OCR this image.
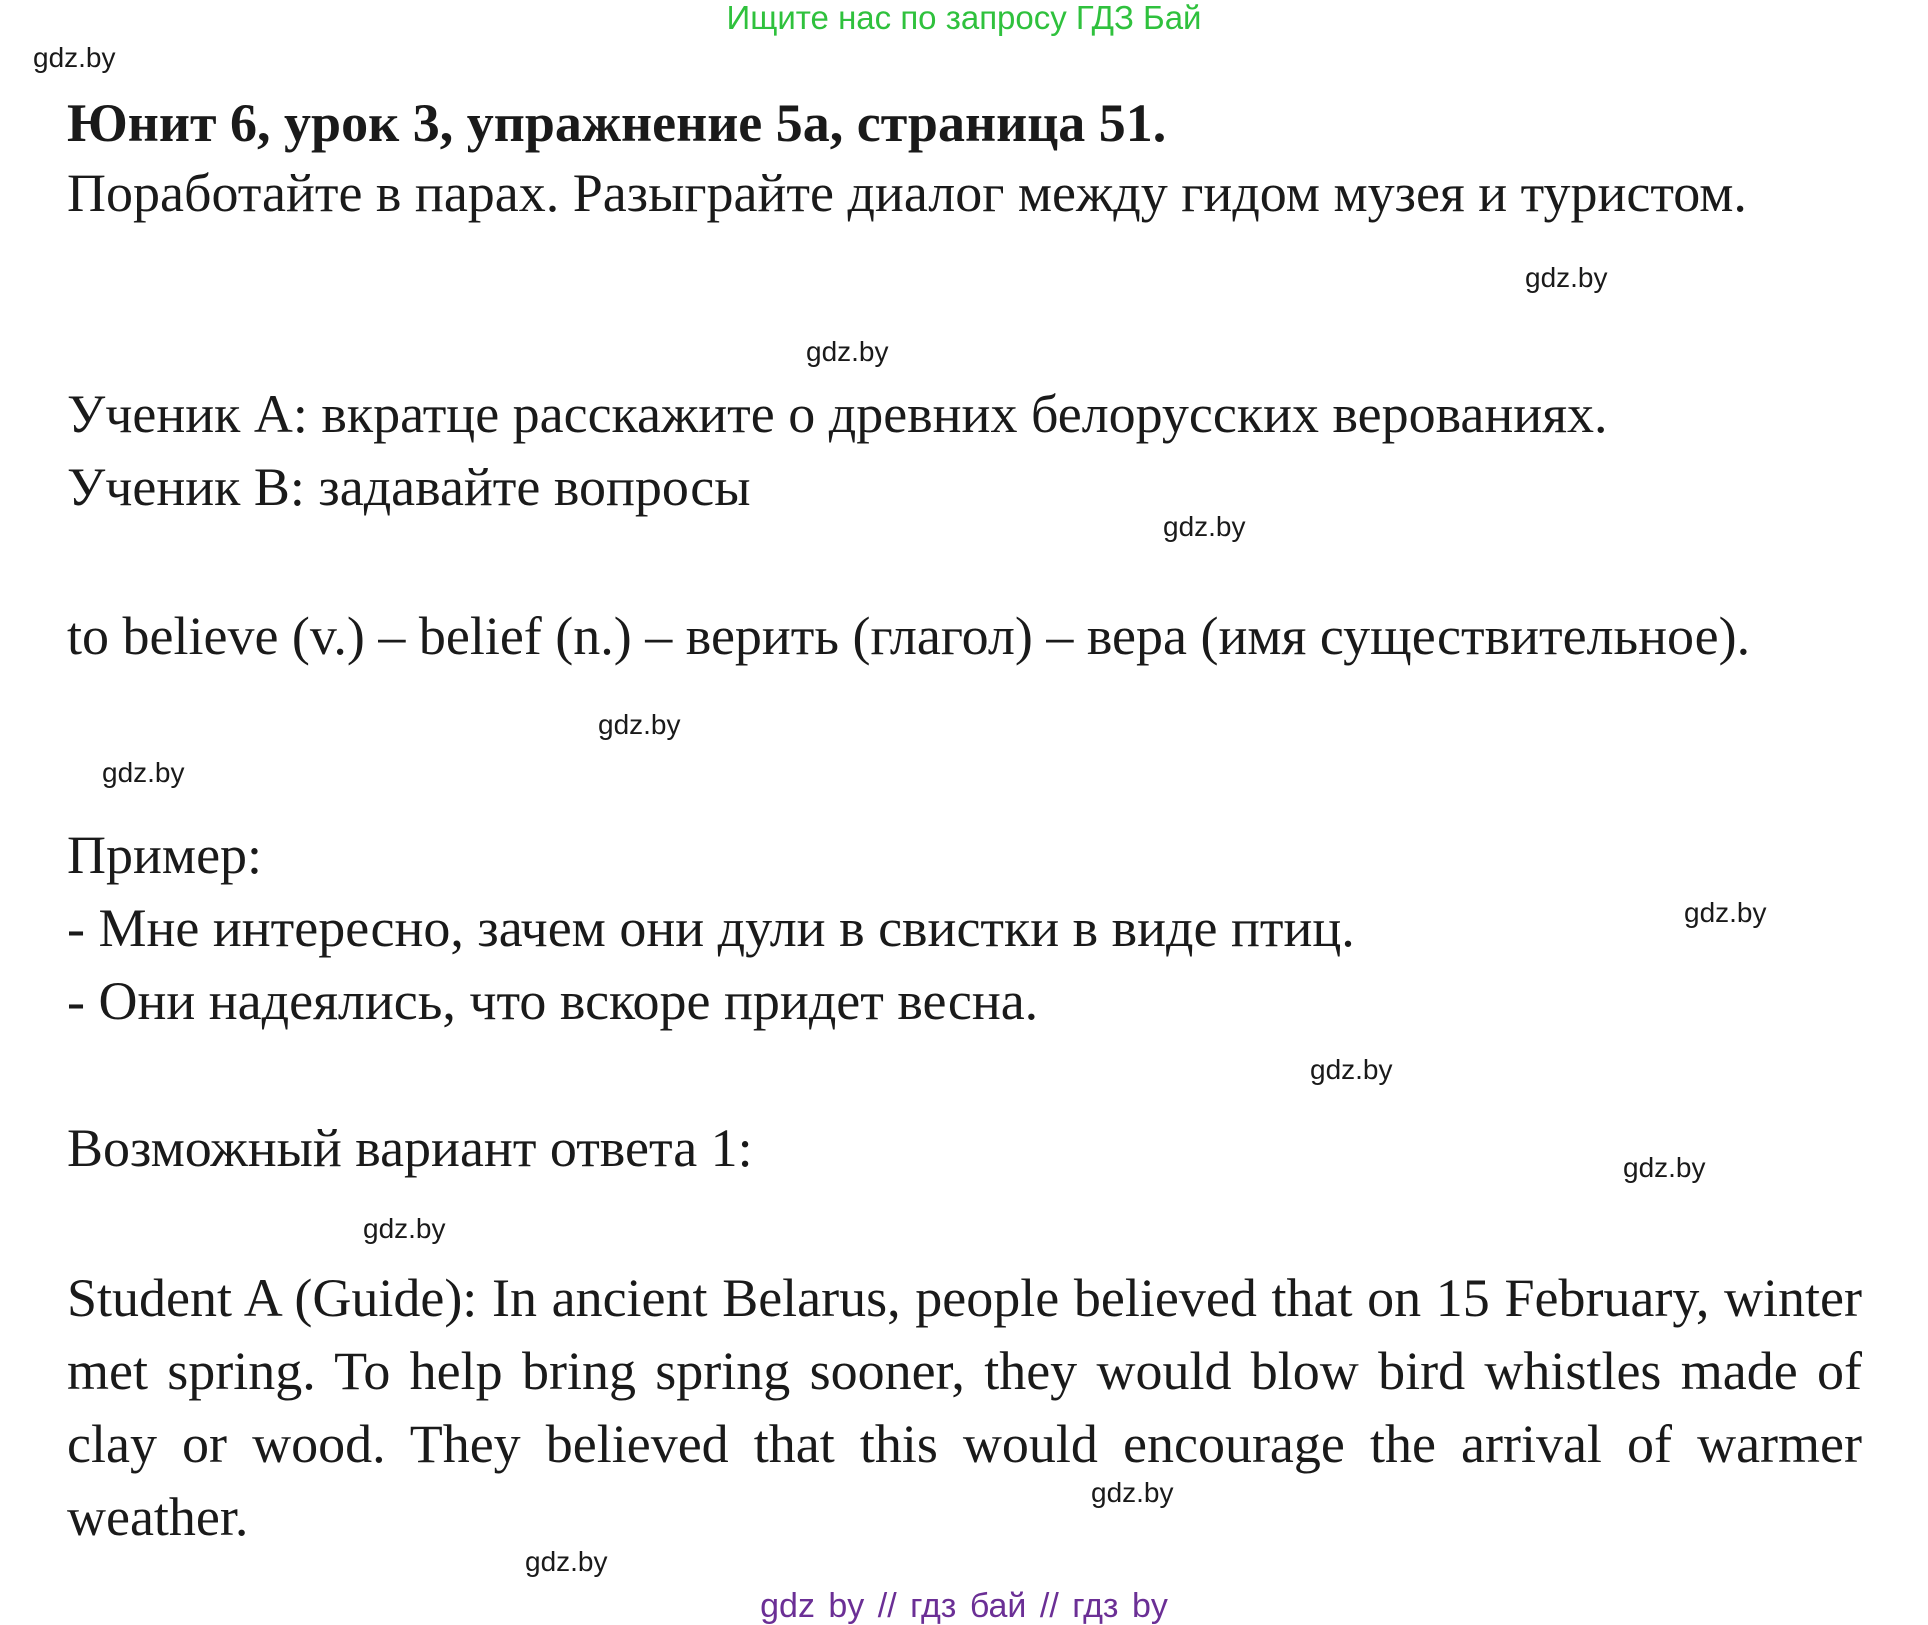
Ищите нас по запросу ГДЗ Бай
gdz.by
Юнит 6, урок 3, упражнение 5а, страница 51.
Поработайте в парах. Разыграйте диалог между гидом музея и туристом.
gdz.by
gdz.by
Ученик А: вкратце расскажите о древних белорусских верованиях.
Ученик В: задавайте вопросы
gdz.by
to believe (v.) – belief (n.) – верить (глагол) – вера (имя существительное).
gdz.by
gdz.by
Пример:
- Мне интересно, зачем они дули в свистки в виде птиц.	gdz.by
- Они надеялись, что вскоре придет весна.
gdz.by
Возможный вариант ответа 1:	gdz.by
gdz.by
Student A (Guide): In ancient Belarus, people believed that on 15 February, winter met spring. To help bring spring sooner, they would blow bird whistles made of clay or wood. They believed that this would encourage the arrival of warmer weather.	gdz.by
gdz.by
gdz by // гдз бай // гдз by
